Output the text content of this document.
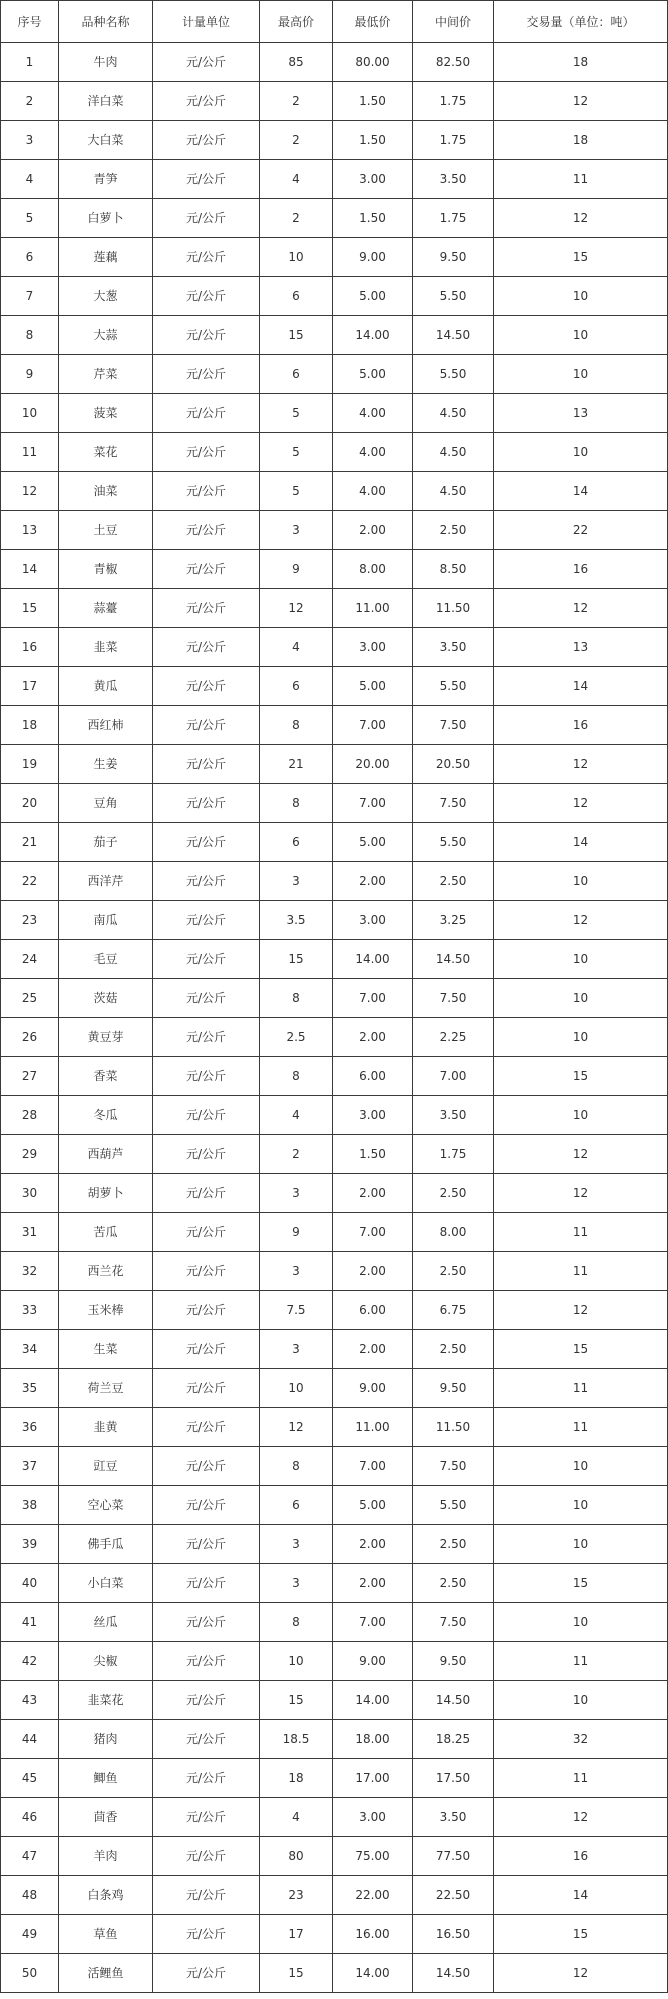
序号	品种名称	计量单位	最高价	最低价	中间价	交易量（单位：吨）
1	牛肉	元/公斤	85	80.00	82.50	18
2	洋白菜	元/公斤	2	1.50	1.75	12
3	大白菜	元/公斤	2	1.50	1.75	18
4	青笋	元/公斤	4	3.00	3.50	11
5	白萝卜	元/公斤	2	1.50	1.75	12
6	莲藕	元/公斤	10	9.00	9.50	15
7	大葱	元/公斤	6	5.00	5.50	10
8	大蒜	元/公斤	15	14.00	14.50	10
9	芹菜	元/公斤	6	5.00	5.50	10
10	菠菜	元/公斤	5	4.00	4.50	13
11	菜花	元/公斤	5	4.00	4.50	10
12	油菜	元/公斤	5	4.00	4.50	14
13	土豆	元/公斤	3	2.00	2.50	22
14	青椒	元/公斤	9	8.00	8.50	16
15	蒜薹	元/公斤	12	11.00	11.50	12
16	韭菜	元/公斤	4	3.00	3.50	13
17	黄瓜	元/公斤	6	5.00	5.50	14
18	西红柿	元/公斤	8	7.00	7.50	16
19	生姜	元/公斤	21	20.00	20.50	12
20	豆角	元/公斤	8	7.00	7.50	12
21	茄子	元/公斤	6	5.00	5.50	14
22	西洋芹	元/公斤	3	2.00	2.50	10
23	南瓜	元/公斤	3.5	3.00	3.25	12
24	毛豆	元/公斤	15	14.00	14.50	10
25	茨菇	元/公斤	8	7.00	7.50	10
26	黄豆芽	元/公斤	2.5	2.00	2.25	10
27	香菜	元/公斤	8	6.00	7.00	15
28	冬瓜	元/公斤	4	3.00	3.50	10
29	西葫芦	元/公斤	2	1.50	1.75	12
30	胡萝卜	元/公斤	3	2.00	2.50	12
31	苦瓜	元/公斤	9	7.00	8.00	11
32	西兰花	元/公斤	3	2.00	2.50	11
33	玉米棒	元/公斤	7.5	6.00	6.75	12
34	生菜	元/公斤	3	2.00	2.50	15
35	荷兰豆	元/公斤	10	9.00	9.50	11
36	韭黄	元/公斤	12	11.00	11.50	11
37	豇豆	元/公斤	8	7.00	7.50	10
38	空心菜	元/公斤	6	5.00	5.50	10
39	佛手瓜	元/公斤	3	2.00	2.50	10
40	小白菜	元/公斤	3	2.00	2.50	15
41	丝瓜	元/公斤	8	7.00	7.50	10
42	尖椒	元/公斤	10	9.00	9.50	11
43	韭菜花	元/公斤	15	14.00	14.50	10
44	猪肉	元/公斤	18.5	18.00	18.25	32
45	鲫鱼	元/公斤	18	17.00	17.50	11
46	茴香	元/公斤	4	3.00	3.50	12
47	羊肉	元/公斤	80	75.00	77.50	16
48	白条鸡	元/公斤	23	22.00	22.50	14
49	草鱼	元/公斤	17	16.00	16.50	15
50	活鲤鱼	元/公斤	15	14.00	14.50	12
